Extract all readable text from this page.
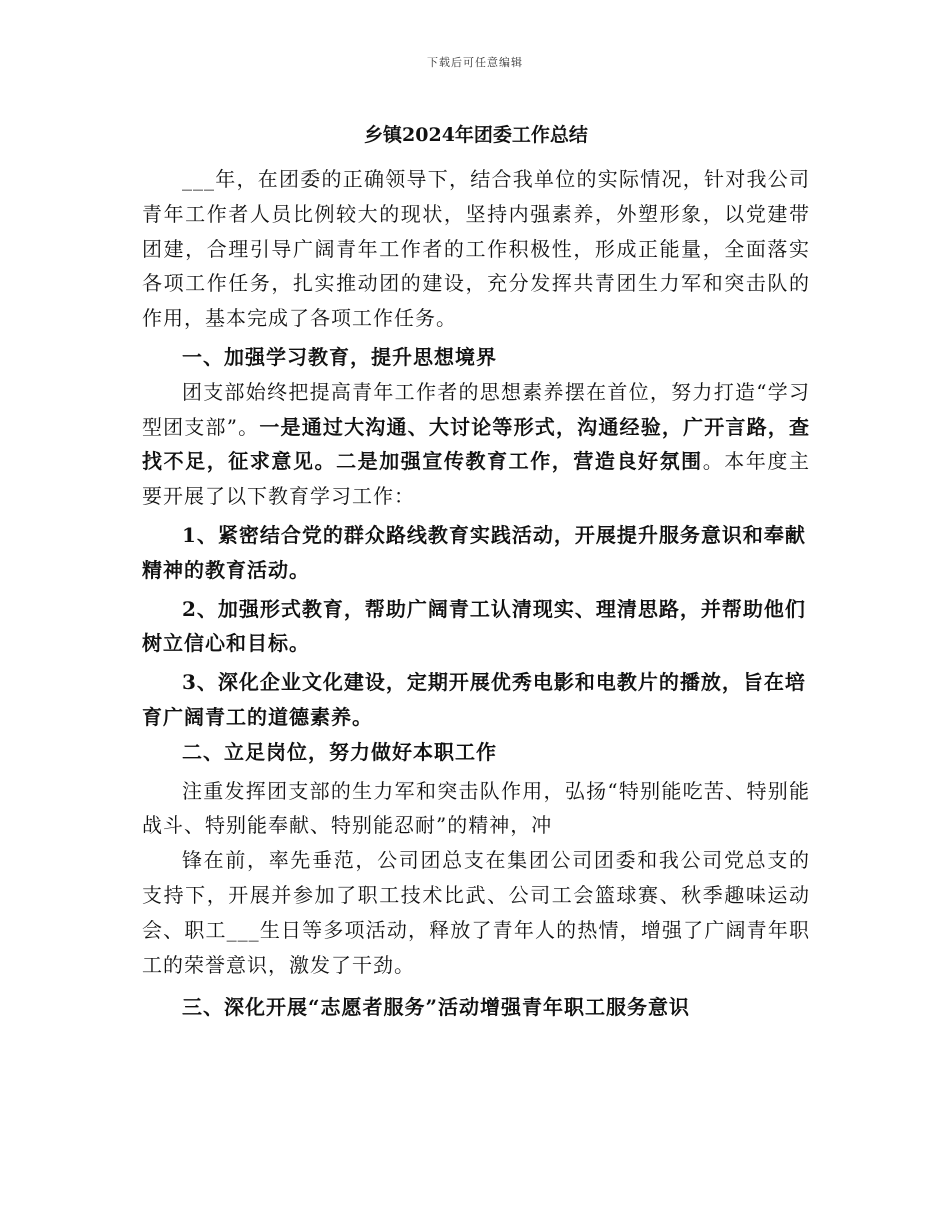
下载后可任意编辑
乡镇2024年团委工作总结

___年，在团委的正确领导下，结合我单位的实际情况，针对我公司青年工作者人员比例较大的现状，坚持内强素养，外塑形象，以党建带团建，合理引导广阔青年工作者的工作积极性，形成正能量，全面落实各项工作任务，扎实推动团的建设，充分发挥共青团生力军和突击队的作用，基本完成了各项工作任务。

一、加强学习教育，提升思想境界

团支部始终把提高青年工作者的思想素养摆在首位，努力打造“学习型团支部”。一是通过大沟通、大讨论等形式，沟通经验，广开言路，查找不足，征求意见。二是加强宣传教育工作，营造良好氛围。本年度主要开展了以下教育学习工作：

1、紧密结合党的群众路线教育实践活动，开展提升服务意识和奉献精神的教育活动。

2、加强形式教育，帮助广阔青工认清现实、理清思路，并帮助他们树立信心和目标。

3、深化企业文化建设，定期开展优秀电影和电教片的播放，旨在培育广阔青工的道德素养。

二、立足岗位，努力做好本职工作

注重发挥团支部的生力军和突击队作用，弘扬“特别能吃苦、特别能战斗、特别能奉献、特别能忍耐”的精神，冲

锋在前，率先垂范，公司团总支在集团公司团委和我公司党总支的支持下，开展并参加了职工技术比武、公司工会篮球赛、秋季趣味运动会、职工___生日等多项活动，释放了青年人的热情，增强了广阔青年职工的荣誉意识，激发了干劲。

三、深化开展“志愿者服务”活动增强青年职工服务意识
